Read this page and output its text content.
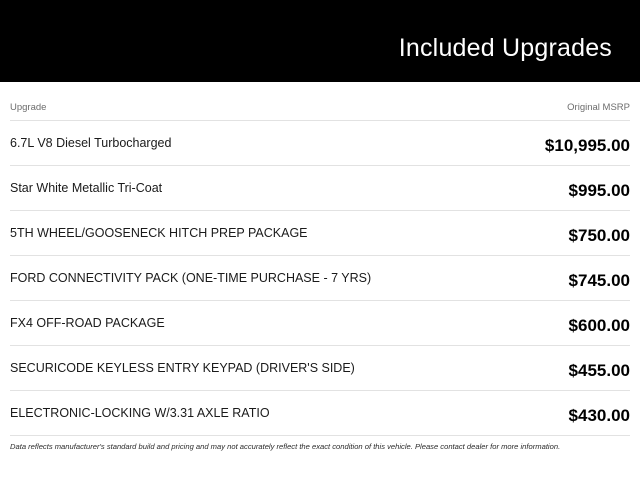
Included Upgrades
Upgrade	Original MSRP
6.7L V8 Diesel Turbocharged	$10,995.00
Star White Metallic Tri-Coat	$995.00
5TH WHEEL/GOOSENECK HITCH PREP PACKAGE	$750.00
FORD CONNECTIVITY PACK (ONE-TIME PURCHASE - 7 YRS)	$745.00
FX4 OFF-ROAD PACKAGE	$600.00
SECURICODE KEYLESS ENTRY KEYPAD (DRIVER'S SIDE)	$455.00
ELECTRONIC-LOCKING W/3.31 AXLE RATIO	$430.00
Data reflects manufacturer's standard build and pricing and may not accurately reflect the exact condition of this vehicle. Please contact dealer for more information.
